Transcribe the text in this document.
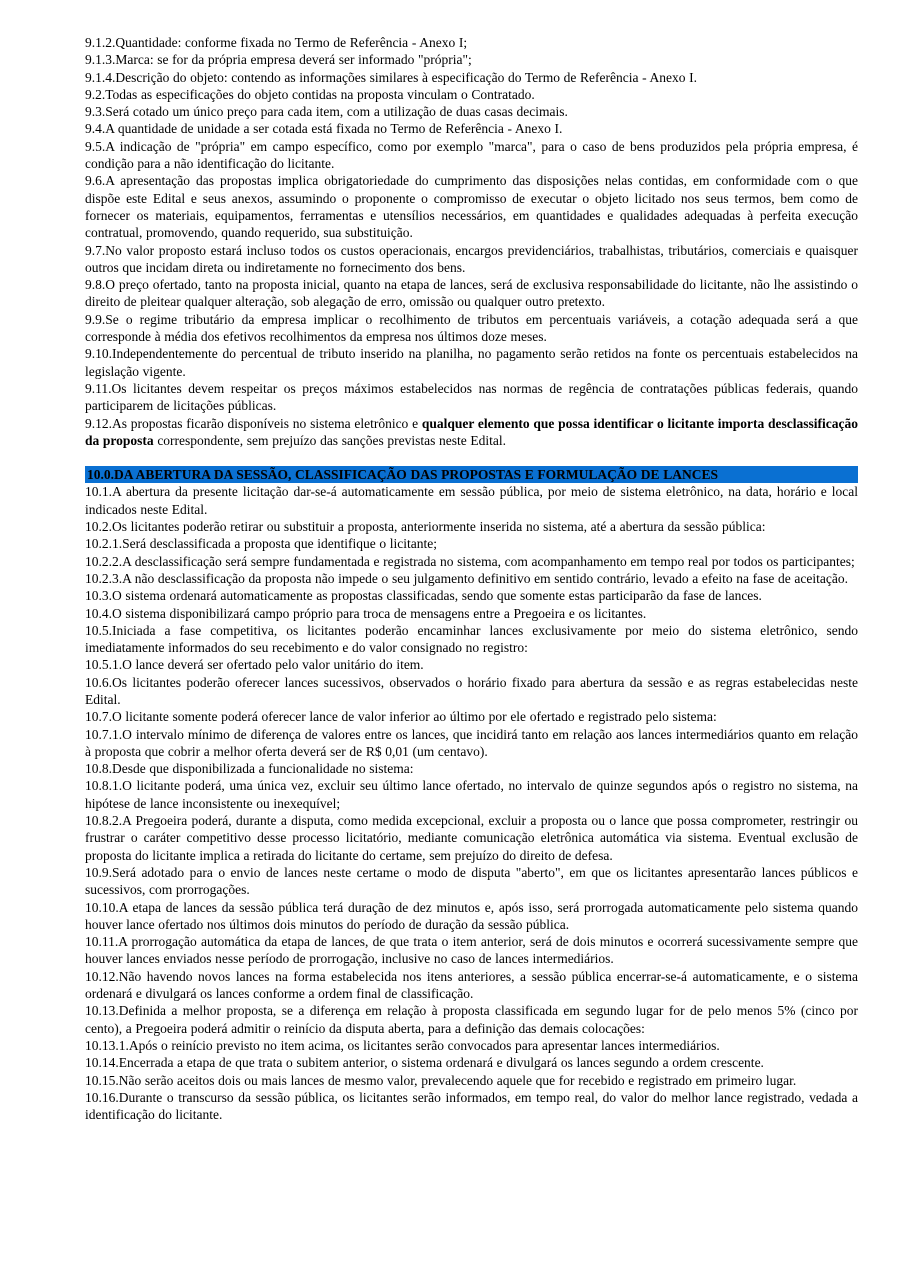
9.1.2.Quantidade: conforme fixada no Termo de Referência - Anexo I;

9.1.3.Marca: se for da própria empresa deverá ser informado "própria";

9.1.4.Descrição do objeto: contendo as informações similares à especificação do Termo de Referência - Anexo I.

9.2.Todas as especificações do objeto contidas na proposta vinculam o Contratado.

9.3.Será cotado um único preço para cada item, com a utilização de duas casas decimais.

9.4.A quantidade de unidade a ser cotada está fixada no Termo de Referência - Anexo I.

9.5.A indicação de "própria" em campo específico, como por exemplo "marca", para o caso de bens produzidos pela própria empresa, é condição para a não identificação do licitante.

9.6.A apresentação das propostas implica obrigatoriedade do cumprimento das disposições nelas contidas, em conformidade com o que dispõe este Edital e seus anexos, assumindo o proponente o compromisso de executar o objeto licitado nos seus termos, bem como de fornecer os materiais, equipamentos, ferramentas e utensílios necessários, em quantidades e qualidades adequadas à perfeita execução contratual, promovendo, quando requerido, sua substituição.

9.7.No valor proposto estará incluso todos os custos operacionais, encargos previdenciários, trabalhistas, tributários, comerciais e quaisquer outros que incidam direta ou indiretamente no fornecimento dos bens.

9.8.O preço ofertado, tanto na proposta inicial, quanto na etapa de lances, será de exclusiva responsabilidade do licitante, não lhe assistindo o direito de pleitear qualquer alteração, sob alegação de erro, omissão ou qualquer outro pretexto.

9.9.Se o regime tributário da empresa implicar o recolhimento de tributos em percentuais variáveis, a cotação adequada será a que corresponde à média dos efetivos recolhimentos da empresa nos últimos doze meses.

9.10.Independentemente do percentual de tributo inserido na planilha, no pagamento serão retidos na fonte os percentuais estabelecidos na legislação vigente.

9.11.Os licitantes devem respeitar os preços máximos estabelecidos nas normas de regência de contratações públicas federais, quando participarem de licitações públicas.

9.12.As propostas ficarão disponíveis no sistema eletrônico e qualquer elemento que possa identificar o licitante importa desclassificação da proposta correspondente, sem prejuízo das sanções previstas neste Edital.

10.0.DA ABERTURA DA SESSÃO, CLASSIFICAÇÃO DAS PROPOSTAS E FORMULAÇÃO DE LANCES

10.1.A abertura da presente licitação dar-se-á automaticamente em sessão pública, por meio de sistema eletrônico, na data, horário e local indicados neste Edital.

10.2.Os licitantes poderão retirar ou substituir a proposta, anteriormente inserida no sistema, até a abertura da sessão pública:

10.2.1.Será desclassificada a proposta que identifique o licitante;

10.2.2.A desclassificação será sempre fundamentada e registrada no sistema, com acompanhamento em tempo real por todos os participantes;

10.2.3.A não desclassificação da proposta não impede o seu julgamento definitivo em sentido contrário, levado a efeito na fase de aceitação.

10.3.O sistema ordenará automaticamente as propostas classificadas, sendo que somente estas participarão da fase de lances.

10.4.O sistema disponibilizará campo próprio para troca de mensagens entre a Pregoeira e os licitantes.

10.5.Iniciada a fase competitiva, os licitantes poderão encaminhar lances exclusivamente por meio do sistema eletrônico, sendo imediatamente informados do seu recebimento e do valor consignado no registro:

10.5.1.O lance deverá ser ofertado pelo valor unitário do item.

10.6.Os licitantes poderão oferecer lances sucessivos, observados o horário fixado para abertura da sessão e as regras estabelecidas neste Edital.

10.7.O licitante somente poderá oferecer lance de valor inferior ao último por ele ofertado e registrado pelo sistema:

10.7.1.O intervalo mínimo de diferença de valores entre os lances, que incidirá tanto em relação aos lances intermediários quanto em relação à proposta que cobrir a melhor oferta deverá ser de R$ 0,01 (um centavo).

10.8.Desde que disponibilizada a funcionalidade no sistema:

10.8.1.O licitante poderá, uma única vez, excluir seu último lance ofertado, no intervalo de quinze segundos após o registro no sistema, na hipótese de lance inconsistente ou inexequível;

10.8.2.A Pregoeira poderá, durante a disputa, como medida excepcional, excluir a proposta ou o lance que possa comprometer, restringir ou frustrar o caráter competitivo desse processo licitatório, mediante comunicação eletrônica automática via sistema. Eventual exclusão de proposta do licitante implica a retirada do licitante do certame, sem prejuízo do direito de defesa.

10.9.Será adotado para o envio de lances neste certame o modo de disputa "aberto", em que os licitantes apresentarão lances públicos e sucessivos, com prorrogações.

10.10.A etapa de lances da sessão pública terá duração de dez minutos e, após isso, será prorrogada automaticamente pelo sistema quando houver lance ofertado nos últimos dois minutos do período de duração da sessão pública.

10.11.A prorrogação automática da etapa de lances, de que trata o item anterior, será de dois minutos e ocorrerá sucessivamente sempre que houver lances enviados nesse período de prorrogação, inclusive no caso de lances intermediários.

10.12.Não havendo novos lances na forma estabelecida nos itens anteriores, a sessão pública encerrar-se-á automaticamente, e o sistema ordenará e divulgará os lances conforme a ordem final de classificação.

10.13.Definida a melhor proposta, se a diferença em relação à proposta classificada em segundo lugar for de pelo menos 5% (cinco por cento), a Pregoeira poderá admitir o reinício da disputa aberta, para a definição das demais colocações:

10.13.1.Após o reinício previsto no item acima, os licitantes serão convocados para apresentar lances intermediários.

10.14.Encerrada a etapa de que trata o subitem anterior, o sistema ordenará e divulgará os lances segundo a ordem crescente.

10.15.Não serão aceitos dois ou mais lances de mesmo valor, prevalecendo aquele que for recebido e registrado em primeiro lugar.

10.16.Durante o transcurso da sessão pública, os licitantes serão informados, em tempo real, do valor do melhor lance registrado, vedada a identificação do licitante.
